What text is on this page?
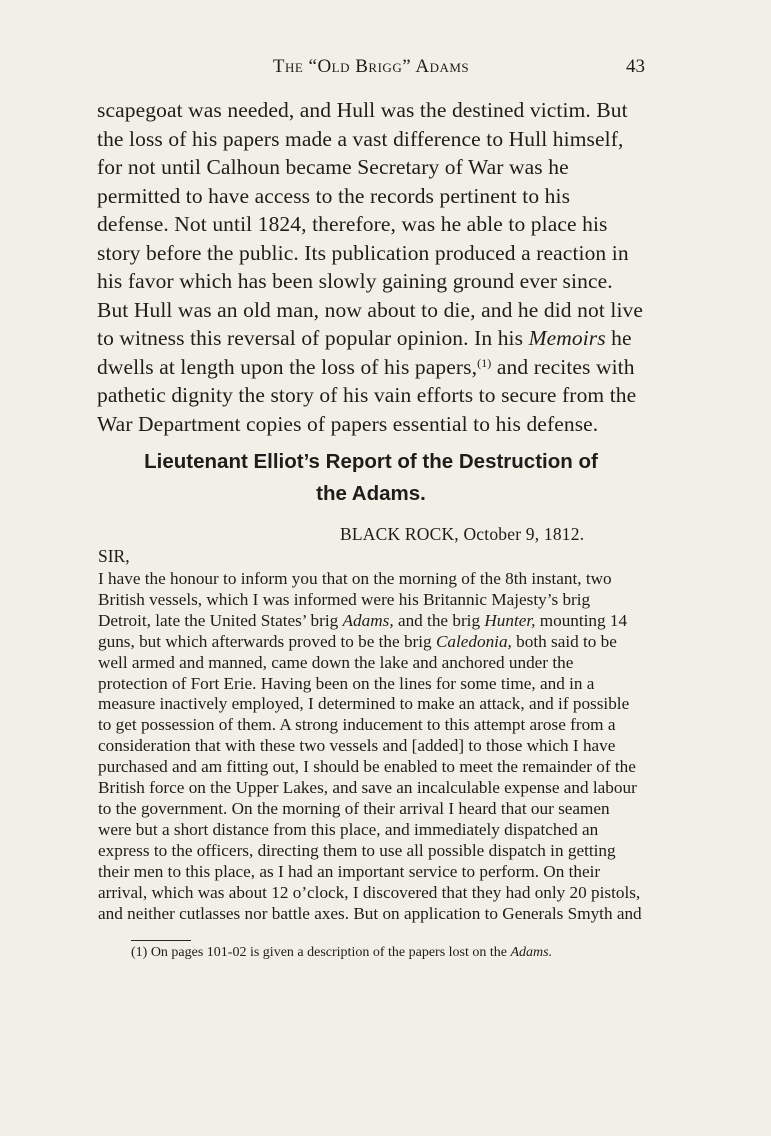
The “Old Brigg” Adams	43

scapegoat was needed, and Hull was the destined victim. But the loss of his papers made a vast difference to Hull himself, for not until Calhoun became Secretary of War was he permitted to have access to the records pertinent to his defense. Not until 1824, therefore, was he able to place his story before the public. Its publication produced a reaction in his favor which has been slowly gaining ground ever since. But Hull was an old man, now about to die, and he did not live to witness this reversal of popular opinion. In his Memoirs he dwells at length upon the loss of his papers,$^{(1)}$ and recites with pathetic dignity the story of his vain efforts to secure from the War Department copies of papers essential to his defense.

Lieutenant Elliot’s Report of the Destruction of
the Adams.
BLACK ROCK, October 9, 1812.
SIR,

I have the honour to inform you that on the morning of the 8th instant, two British vessels, which I was informed were his Britannic Majesty’s brig Detroit, late the United States’ brig Adams, and the brig Hunter, mounting 14 guns, but which afterwards proved to be the brig Caledonia, both said to be well armed and manned, came down the lake and anchored under the protection of Fort Erie. Having been on the lines for some time, and in a measure inactively employed, I determined to make an attack, and if possible to get possession of them. A strong inducement to this attempt arose from a consideration that with these two vessels and [added] to those which I have purchased and am fitting out, I should be enabled to meet the remainder of the British force on the Upper Lakes, and save an incalculable expense and labour to the government. On the morning of their arrival I heard that our seamen were but a short distance from this place, and immediately dispatched an express to the officers, directing them to use all possible dispatch in getting their men to this place, as I had an important service to perform. On their arrival, which was about 12 o’clock, I discovered that they had only 20 pistols, and neither cutlasses nor battle axes. But on application to Generals Smyth and

(1) On pages 101-02 is given a description of the papers lost on the Adams.
